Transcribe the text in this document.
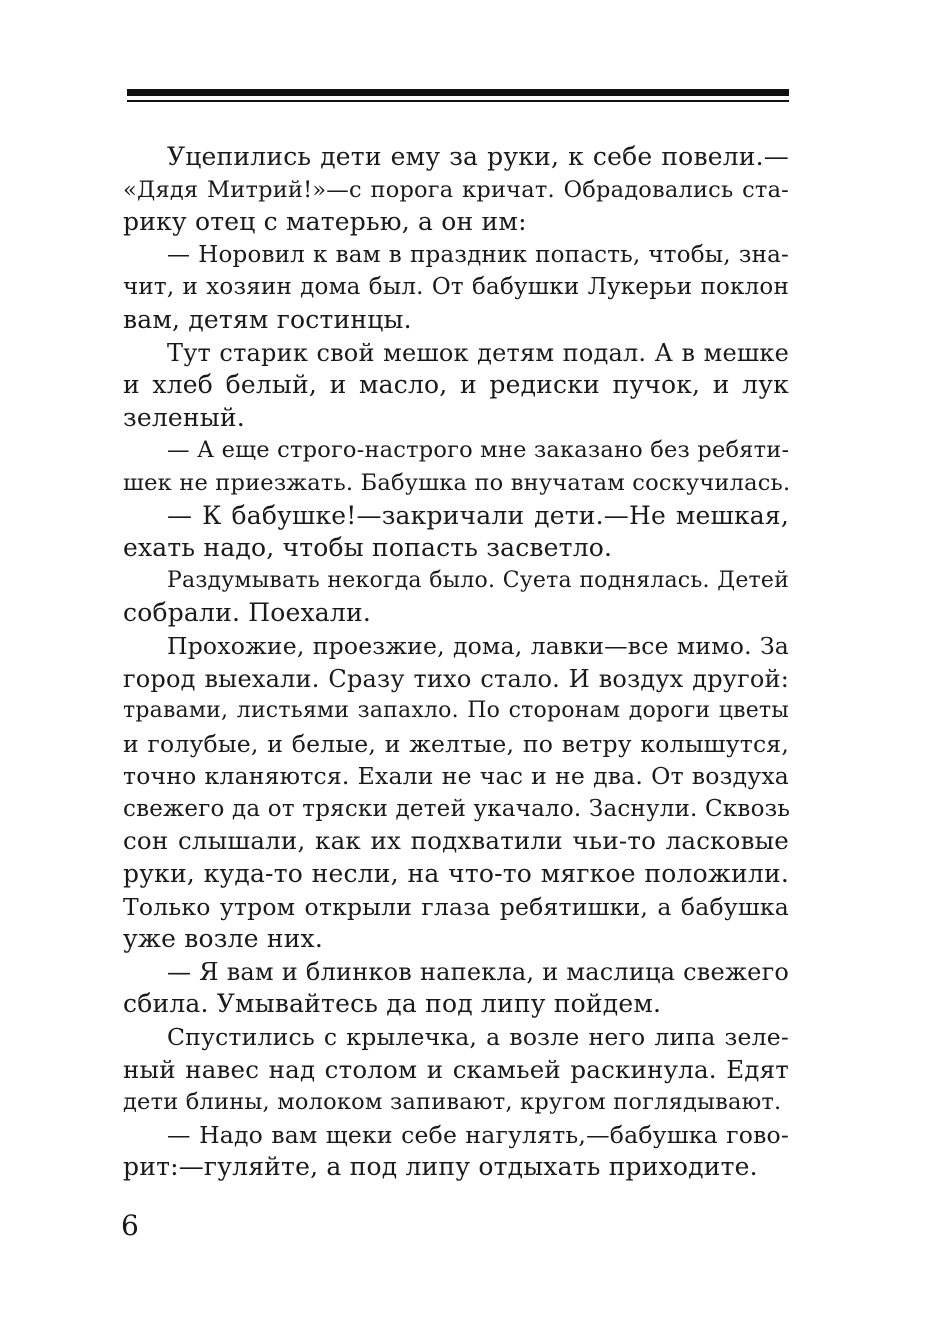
Уцепились дети ему за руки, к себе повели.—
«Дядя Митрий!»—с порога кричат. Обрадовались ста-
рику отец с матерью, а он им:
— Норовил к вам в праздник попасть, чтобы, зна-
чит, и хозяин дома был. От бабушки Лукерьи поклон
вам, детям гостинцы.
Тут старик свой мешок детям подал. А в мешке
и хлеб белый, и масло, и редиски пучок, и лук
зеленый.
— А еще строго-настрого мне заказано без ребяти-
шек не приезжать. Бабушка по внучатам соскучилась.
— К бабушке!—закричали дети.—Не мешкая,
ехать надо, чтобы попасть засветло.
Раздумывать некогда было. Суета поднялась. Детей
собрали. Поехали.
Прохожие, проезжие, дома, лавки—все мимо. За
город выехали. Сразу тихо стало. И воздух другой:
травами, листьями запахло. По сторонам дороги цветы
и голубые, и белые, и желтые, по ветру колышутся,
точно кланяются. Ехали не час и не два. От воздуха
свежего да от тряски детей укачало. Заснули. Сквозь
сон слышали, как их подхватили чьи-то ласковые
руки, куда-то несли, на что-то мягкое положили.
Только утром открыли глаза ребятишки, а бабушка
уже возле них.
— Я вам и блинков напекла, и маслица свежего
сбила. Умывайтесь да под липу пойдем.
Спустились с крылечка, а возле него липа зеле-
ный навес над столом и скамьей раскинула. Едят
дети блины, молоком запивают, кругом поглядывают.
— Надо вам щеки себе нагулять,—бабушка гово-
рит:—гуляйте, а под липу отдыхать приходите.
6
